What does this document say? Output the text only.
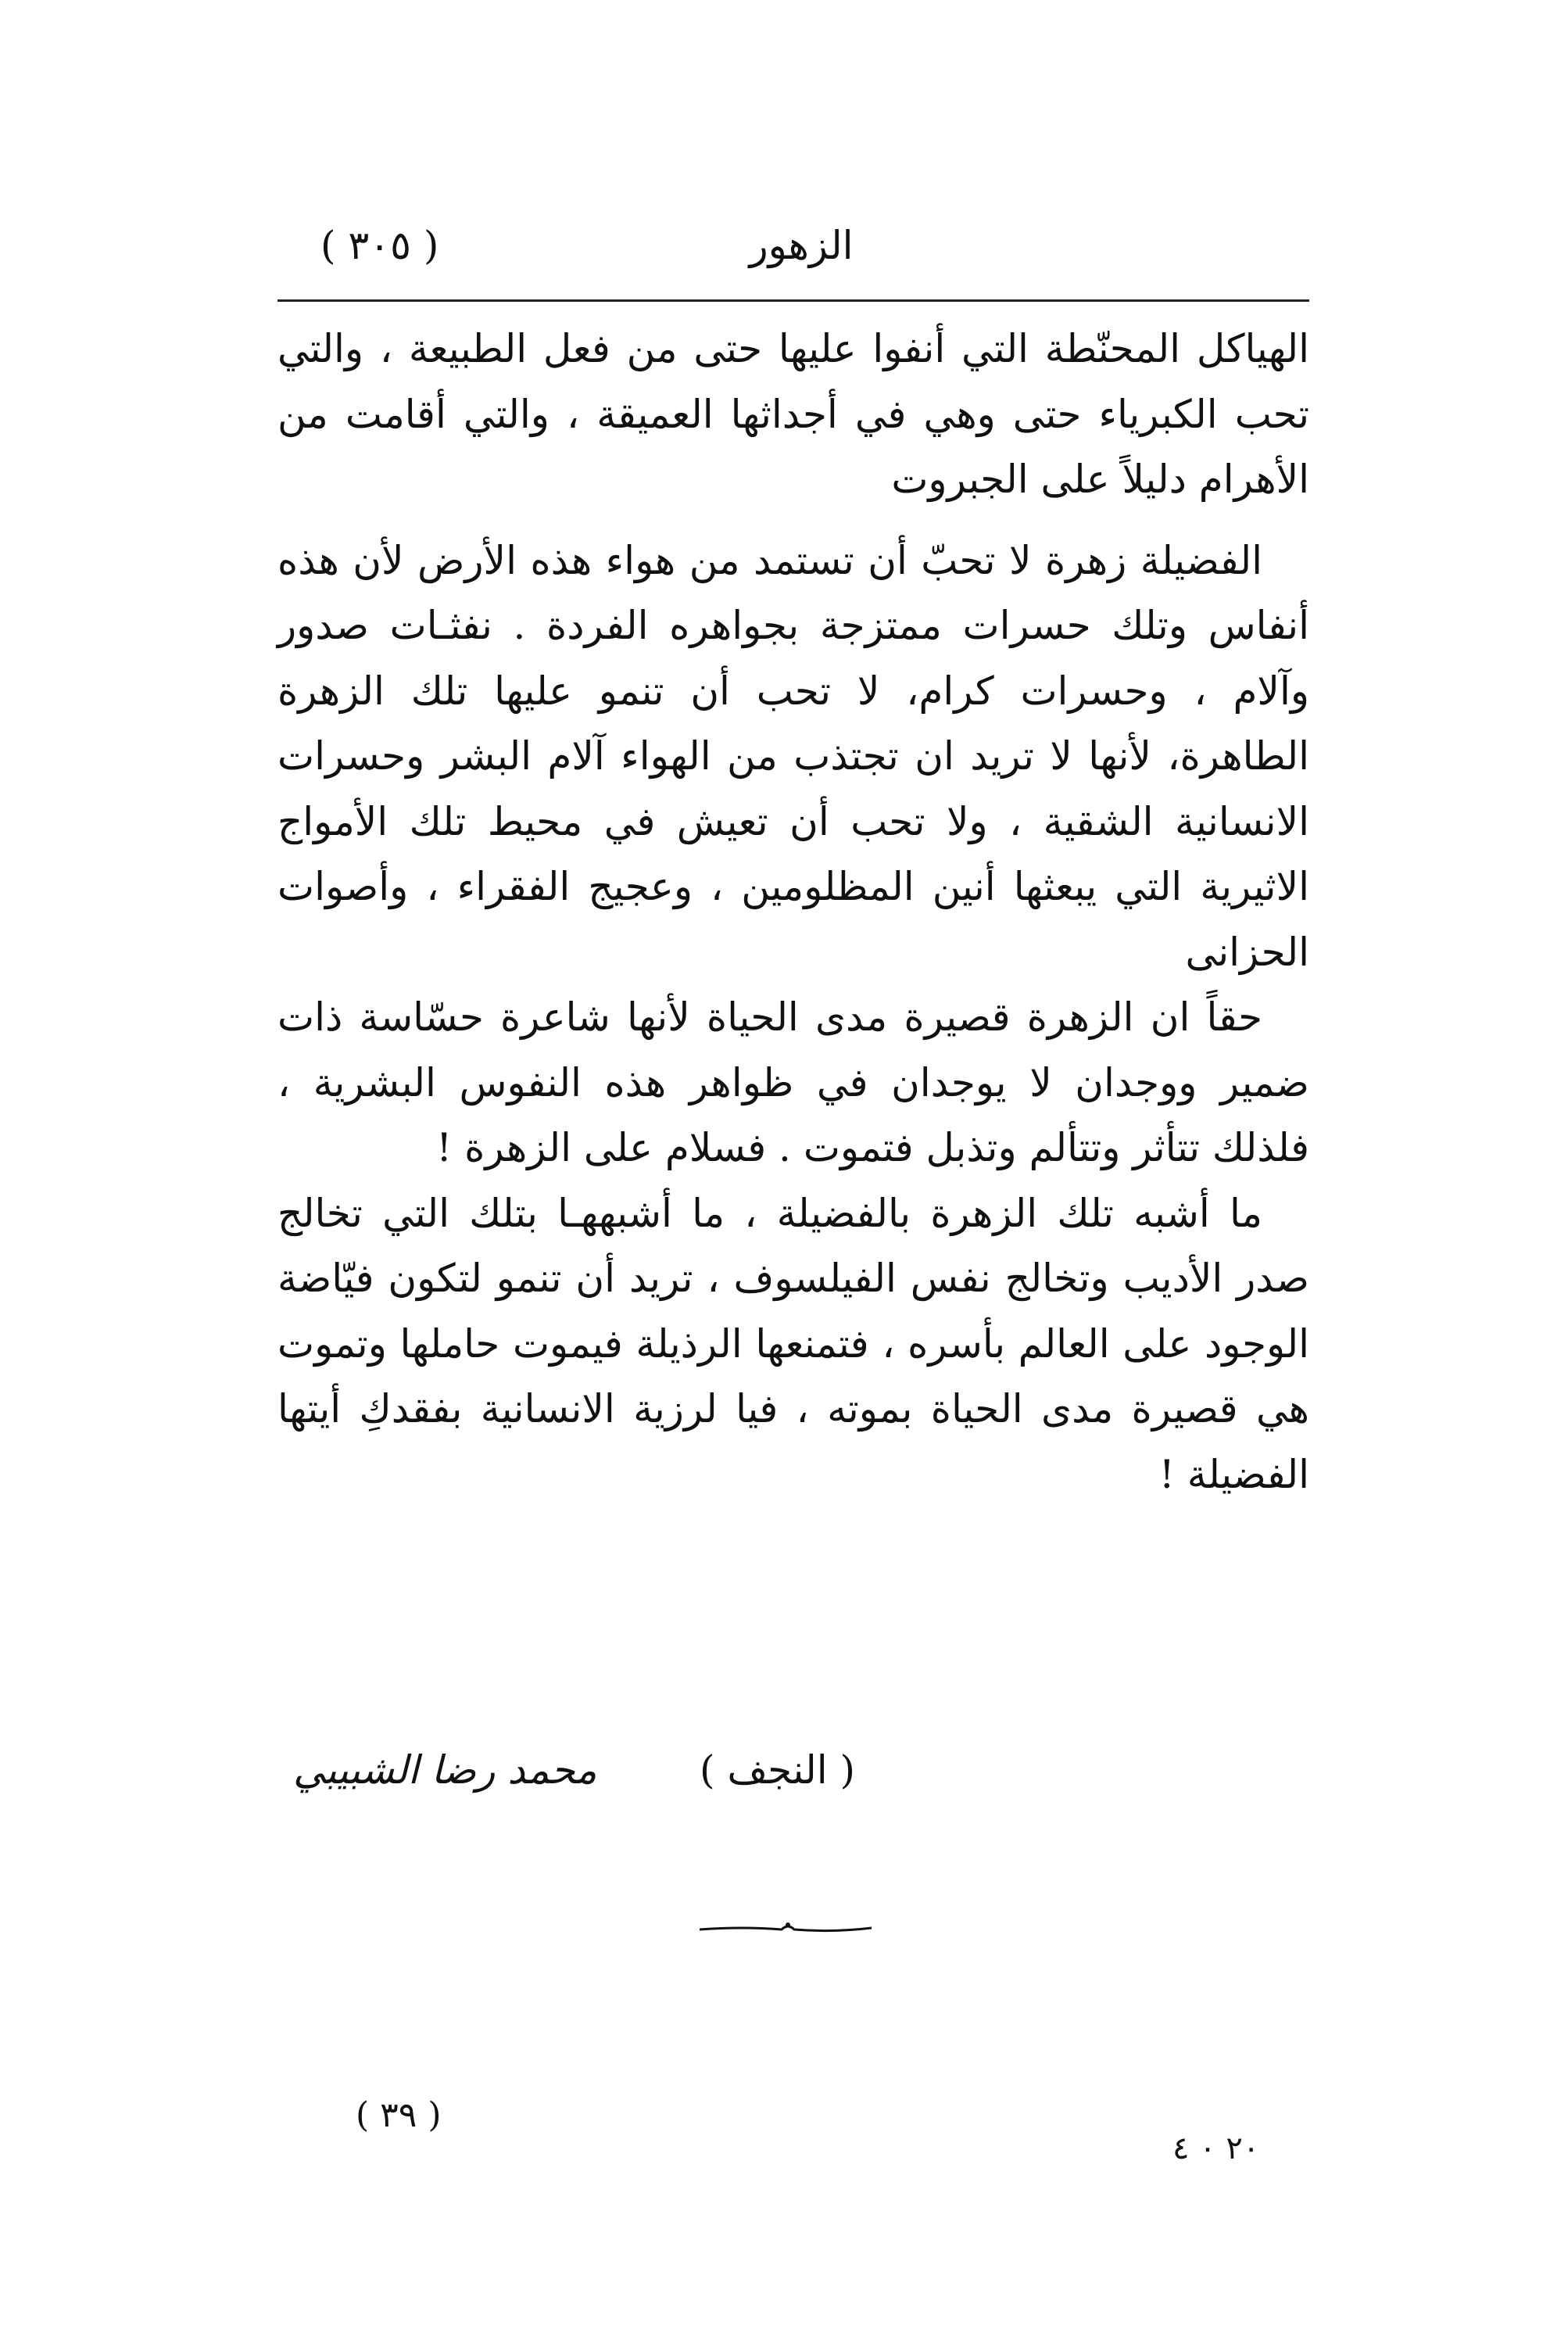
الزهور
( ٣٠٥ )

الهياكل المحنّطة التي أنفوا عليها حتى من فعل الطبيعة ، والتي تحب الكبرياء حتى وهي في أجداثها العميقة ، والتي أقامت من الأهرام دليلاً على الجبروت

الفضيلة زهرة لا تحبّ أن تستمد من هواء هذه الأرض لأن هذه أنفاس وتلك حسرات ممتزجة بجواهره الفردة . نفثـات صدور وآلام ، وحسرات كرام، لا تحب أن تنمو عليها تلك الزهرة الطاهرة، لأنها لا تريد ان تجتذب من الهواء آلام البشر وحسرات الانسانية الشقية ، ولا تحب أن تعيش في محيط تلك الأمواج الاثيرية التي يبعثها أنين المظلومين ، وعجيج الفقراء ، وأصوات الحزانى

حقاً ان الزهرة قصيرة مدى الحياة لأنها شاعرة حسّاسة ذات ضمير ووجدان لا يوجدان في ظواهر هذه النفوس البشرية ، فلذلك تتأثر وتتألم وتذبل فتموت . فسلام على الزهرة !

ما أشبه تلك الزهرة بالفضيلة ، ما أشبههـا بتلك التي تخالج صدر الأديب وتخالج نفس الفيلسوف ، تريد أن تنمو لتكون فيّاضة الوجود على العالم بأسره ، فتمنعها الرذيلة فيموت حاملها وتموت هي قصيرة مدى الحياة بموته ، فيا لرزية الانسانية بفقدكِ أيتها الفضيلة !

( النجف )
محمد رضا الشبيبي
( ٣٩ )
٢٠ ٠ ٤
